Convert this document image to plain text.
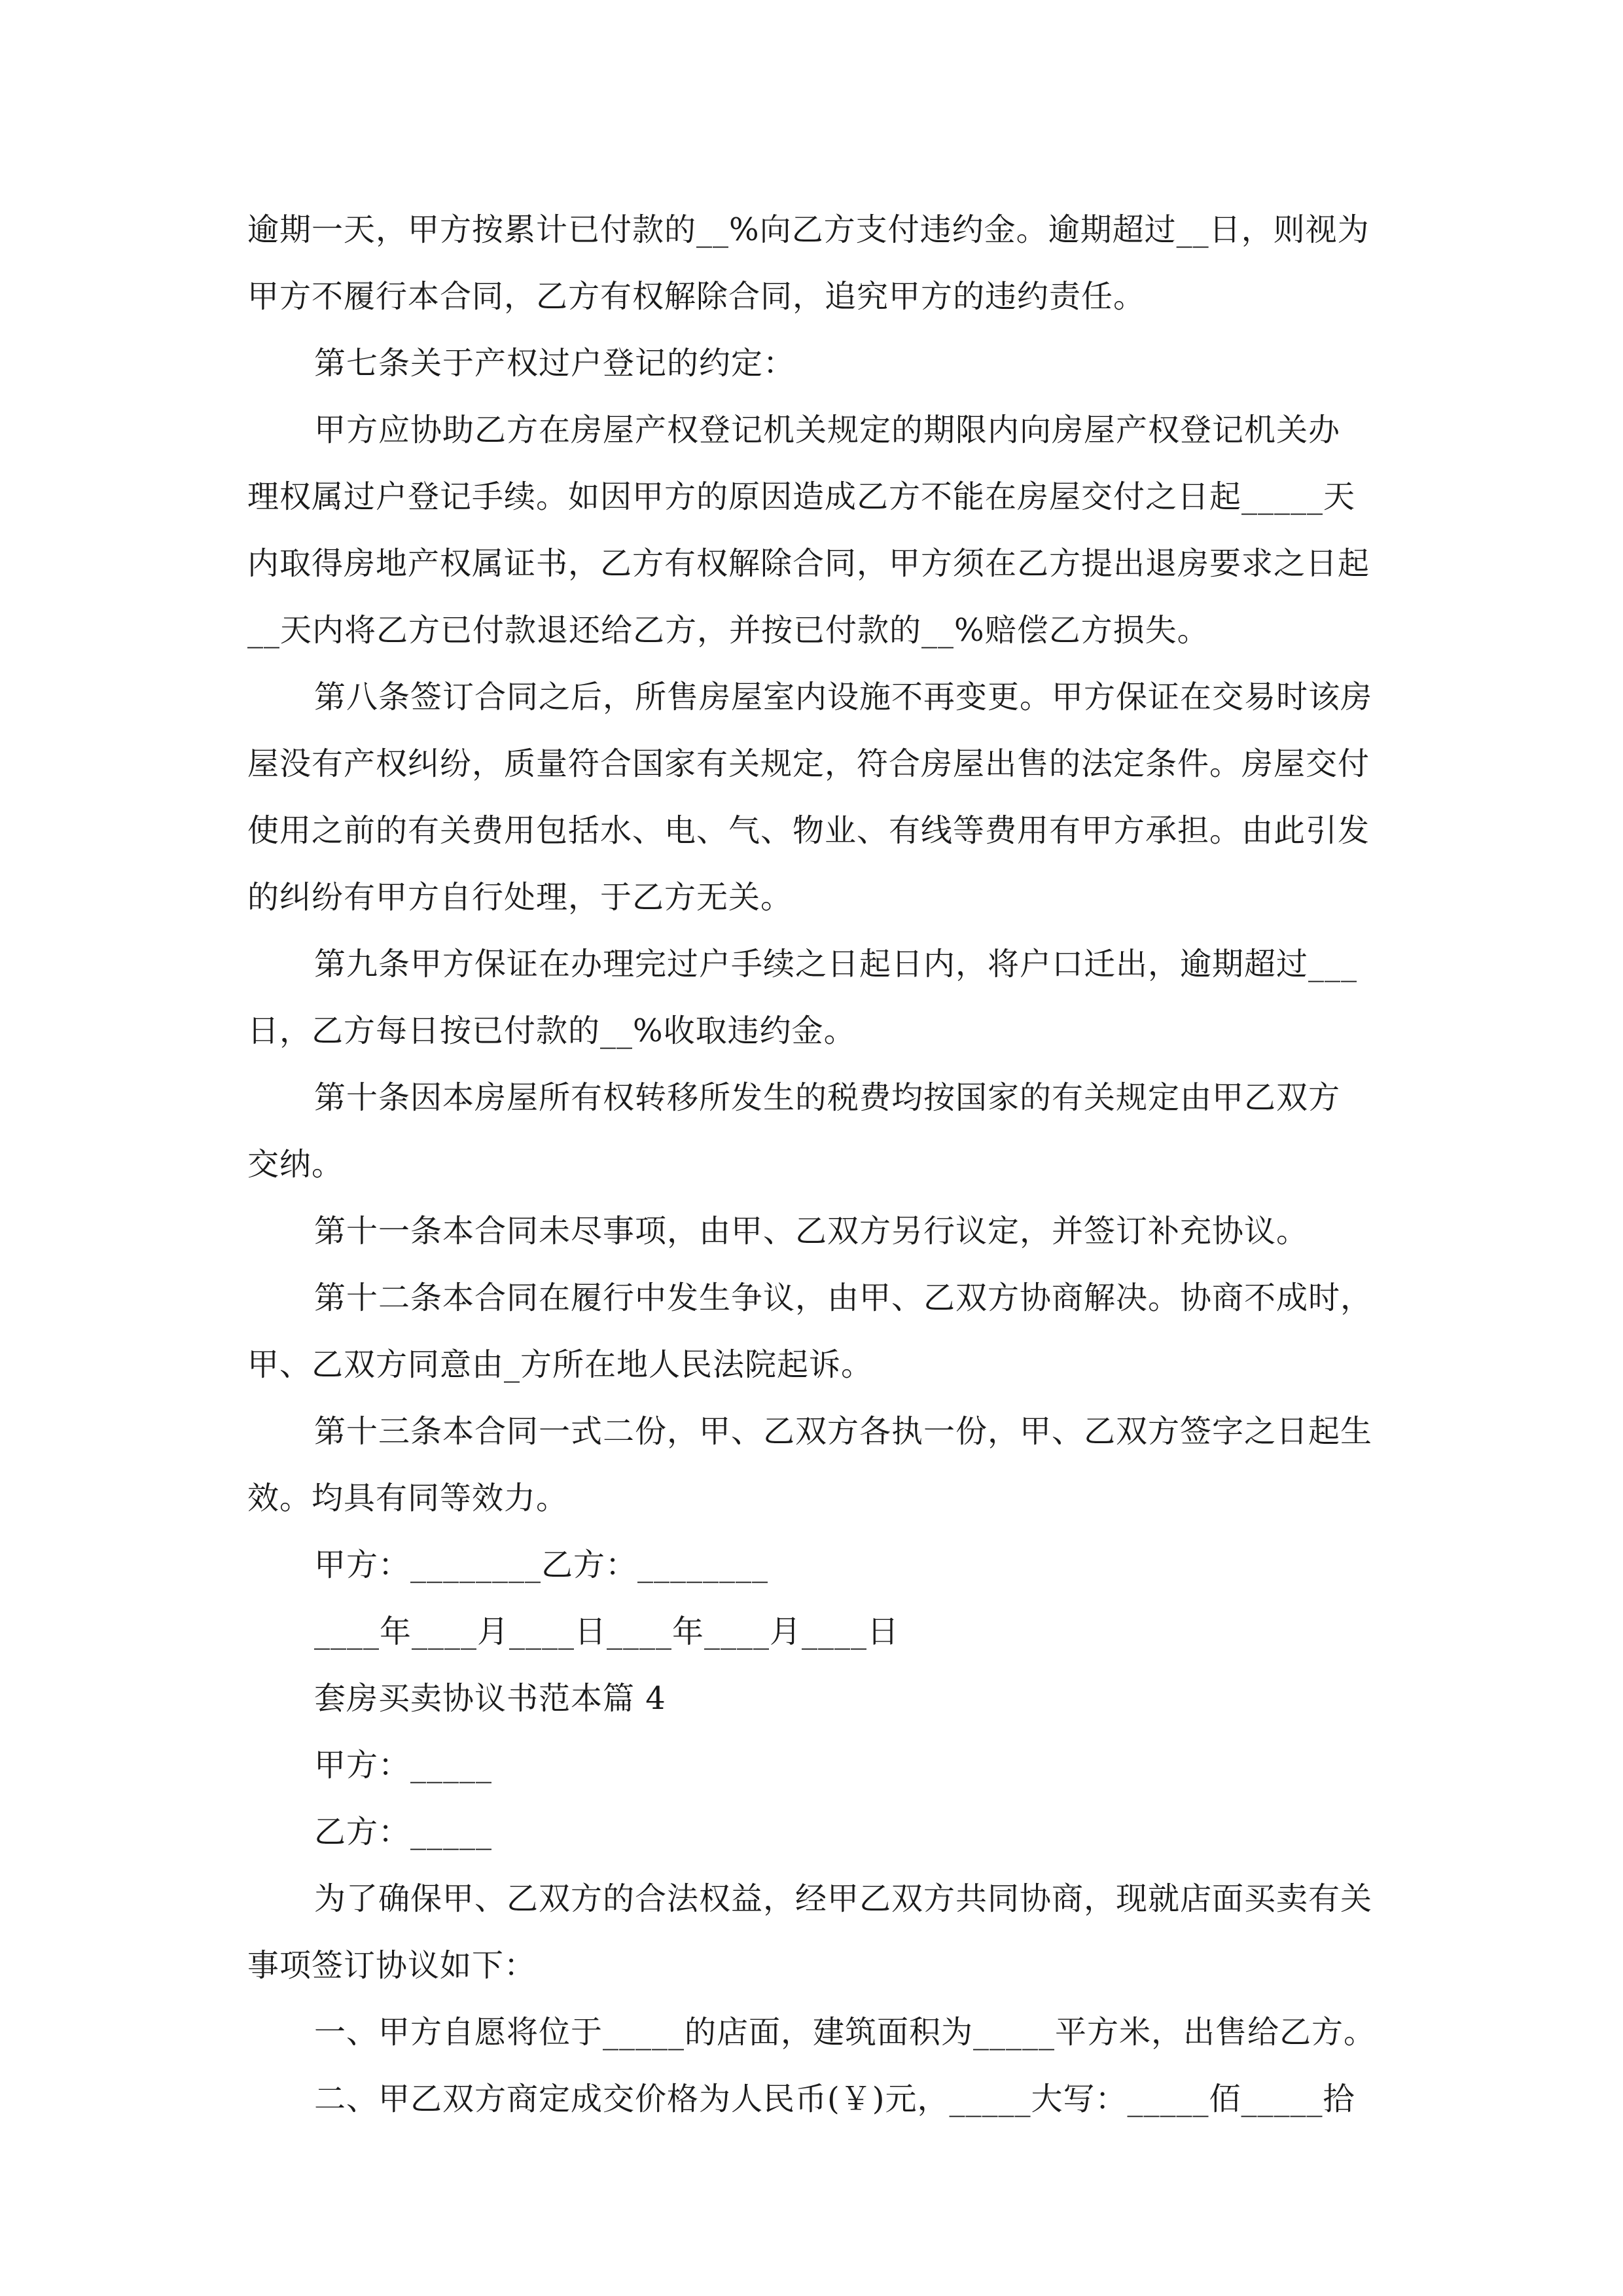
逾期一天，甲方按累计已付款的__%向乙方支付违约金。逾期超过__日，则视为
甲方不履行本合同，乙方有权解除合同，追究甲方的违约责任。
第七条关于产权过户登记的约定：
甲方应协助乙方在房屋产权登记机关规定的期限内向房屋产权登记机关办
理权属过户登记手续。如因甲方的原因造成乙方不能在房屋交付之日起_____天
内取得房地产权属证书，乙方有权解除合同，甲方须在乙方提出退房要求之日起
__天内将乙方已付款退还给乙方，并按已付款的__%赔偿乙方损失。
第八条签订合同之后，所售房屋室内设施不再变更。甲方保证在交易时该房
屋没有产权纠纷，质量符合国家有关规定，符合房屋出售的法定条件。房屋交付
使用之前的有关费用包括水、电、气、物业、有线等费用有甲方承担。由此引发
的纠纷有甲方自行处理，于乙方无关。
第九条甲方保证在办理完过户手续之日起日内，将户口迁出，逾期超过___
日，乙方每日按已付款的__%收取违约金。
第十条因本房屋所有权转移所发生的税费均按国家的有关规定由甲乙双方
交纳。
第十一条本合同未尽事项，由甲、乙双方另行议定，并签订补充协议。
第十二条本合同在履行中发生争议，由甲、乙双方协商解决。协商不成时，
甲、乙双方同意由_方所在地人民法院起诉。
第十三条本合同一式二份，甲、乙双方各执一份，甲、乙双方签字之日起生
效。均具有同等效力。
甲方：________乙方：________
____年____月____日____年____月____日
套房买卖协议书范本篇 4
甲方：_____
乙方：_____
为了确保甲、乙双方的合法权益，经甲乙双方共同协商，现就店面买卖有关
事项签订协议如下：
一、甲方自愿将位于_____的店面，建筑面积为_____平方米，出售给乙方。
二、甲乙双方商定成交价格为人民币(￥)元，_____大写：_____佰_____拾
